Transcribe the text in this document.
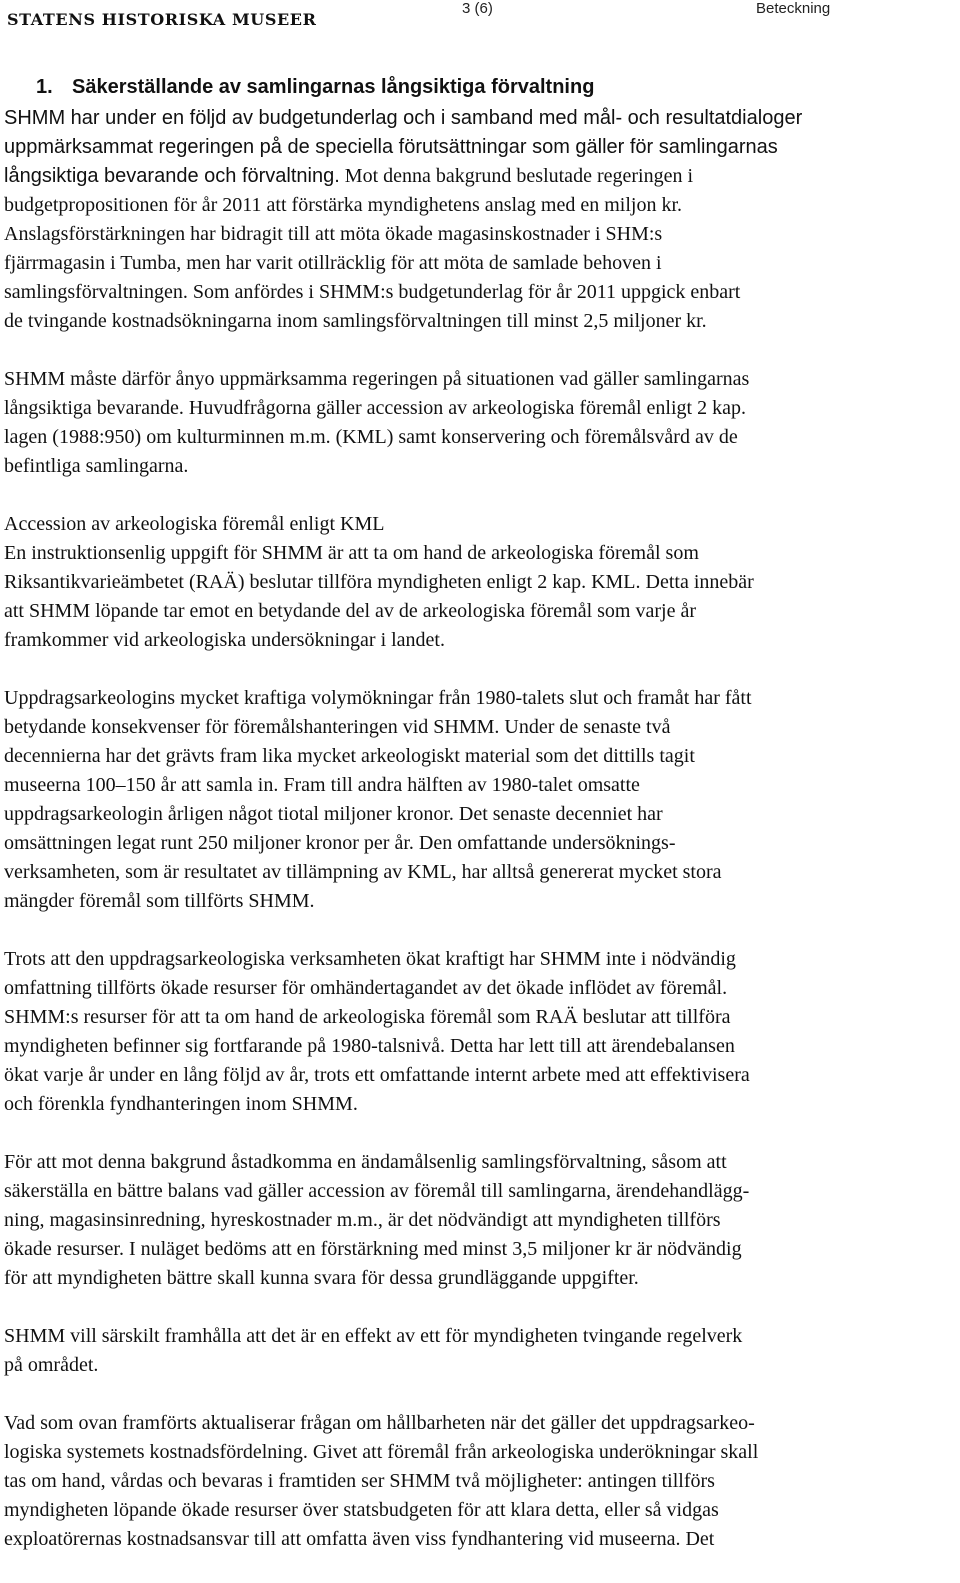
STATENS HISTORISKA MUSEER
3 (6)	Beteckning
1. Säkerställande av samlingarnas långsiktiga förvaltning
SHMM har under en följd av budgetunderlag och i samband med mål- och resultatdialoger
uppmärksammat regeringen på de speciella förutsättningar som gäller för samlingarnas
långsiktiga bevarande och förvaltning. Mot denna bakgrund beslutade regeringen i
budgetpropositionen för år 2011 att förstärka myndighetens anslag med en miljon kr.
Anslagsförstärkningen har bidragit till att möta ökade magasinskostnader i SHM:s
fjärrmagasin i Tumba, men har varit otillräcklig för att möta de samlade behoven i
samlingsförvaltningen. Som anfördes i SHMM:s budgetunderlag för år 2011 uppgick enbart
de tvingande kostnadsökningarna inom samlingsförvaltningen till minst 2,5 miljoner kr.
SHMM måste därför ånyo uppmärksamma regeringen på situationen vad gäller samlingarnas
långsiktiga bevarande. Huvudfrågorna gäller accession av arkeologiska föremål enligt 2 kap.
lagen (1988:950) om kulturminnen m.m. (KML) samt konservering och föremålsvård av de
befintliga samlingarna.
Accession av arkeologiska föremål enligt KML
En instruktionsenlig uppgift för SHMM är att ta om hand de arkeologiska föremål som
Riksantikvarieämbetet (RAÄ) beslutar tillföra myndigheten enligt 2 kap. KML. Detta innebär
att SHMM löpande tar emot en betydande del av de arkeologiska föremål som varje år
framkommer vid arkeologiska undersökningar i landet.
Uppdragsarkeologins mycket kraftiga volymökningar från 1980-talets slut och framåt har fått
betydande konsekvenser för föremålshanteringen vid SHMM. Under de senaste två
decennierna har det grävts fram lika mycket arkeologiskt material som det dittills tagit
museerna 100–150 år att samla in. Fram till andra hälften av 1980-talet omsatte
uppdragsarkeologin årligen något tiotal miljoner kronor. Det senaste decenniet har
omsättningen legat runt 250 miljoner kronor per år. Den omfattande undersöknings-
verksamheten, som är resultatet av tillämpning av KML, har alltså genererat mycket stora
mängder föremål som tillförts SHMM.
Trots att den uppdragsarkeologiska verksamheten ökat kraftigt har SHMM inte i nödvändig
omfattning tillförts ökade resurser för omhändertagandet av det ökade inflödet av föremål.
SHMM:s resurser för att ta om hand de arkeologiska föremål som RAÄ beslutar att tillföra
myndigheten befinner sig fortfarande på 1980-talsnivå. Detta har lett till att ärendebalansen
ökat varje år under en lång följd av år, trots ett omfattande internt arbete med att effektivisera
och förenkla fyndhanteringen inom SHMM.
För att mot denna bakgrund åstadkomma en ändamålsenlig samlingsförvaltning, såsom att
säkerställa en bättre balans vad gäller accession av föremål till samlingarna, ärendehandlägg-
ning, magasinsinredning, hyreskostnader m.m., är det nödvändigt att myndigheten tillförs
ökade resurser. I nuläget bedöms att en förstärkning med minst 3,5 miljoner kr är nödvändig
för att myndigheten bättre skall kunna svara för dessa grundläggande uppgifter.
SHMM vill särskilt framhålla att det är en effekt av ett för myndigheten tvingande regelverk
på området.
Vad som ovan framförts aktualiserar frågan om hållbarheten när det gäller det uppdragsarkeo-
logiska systemets kostnadsfördelning. Givet att föremål från arkeologiska underökningar skall
tas om hand, vårdas och bevaras i framtiden ser SHMM två möjligheter: antingen tillförs
myndigheten löpande ökade resurser över statsbudgeten för att klara detta, eller så vidgas
exploatörernas kostnadsansvar till att omfatta även viss fyndhantering vid museerna. Det
